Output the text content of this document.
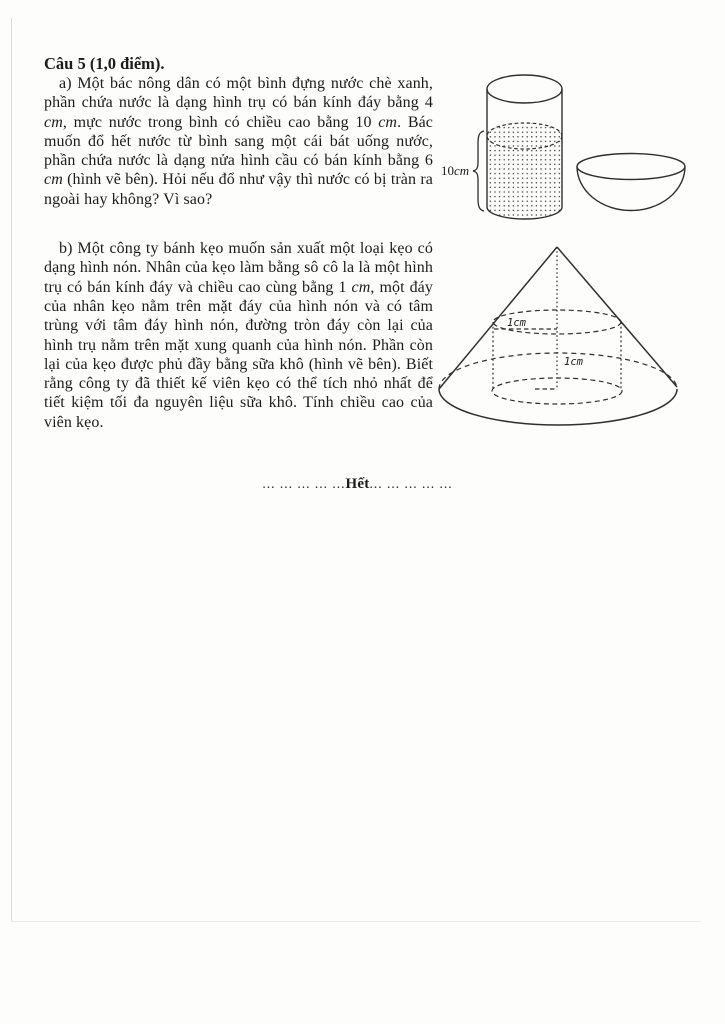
Câu 5 (1,0 điểm).

a) Một bác nông dân có một bình đựng nước chè xanh, phần chứa nước là dạng hình trụ có bán kính đáy bằng 4 cm, mực nước trong bình có chiều cao bằng 10 cm. Bác muốn đổ hết nước từ bình sang một cái bát uống nước, phần chứa nước là dạng nửa hình cầu có bán kính bằng 6 cm (hình vẽ bên). Hỏi nếu đổ như vậy thì nước có bị tràn ra ngoài hay không? Vì sao?

b) Một công ty bánh kẹo muốn sản xuất một loại kẹo có dạng hình nón. Nhân của kẹo làm bằng sô cô la là một hình trụ có bán kính đáy và chiều cao cùng bằng 1 cm, một đáy của nhân kẹo nằm trên mặt đáy của hình nón và có tâm trùng với tâm đáy hình nón, đường tròn đáy còn lại của hình trụ nằm trên mặt xung quanh của hình nón. Phần còn lại của kẹo được phủ đầy bằng sữa khô (hình vẽ bên). Biết rằng công ty đã thiết kế viên kẹo có thể tích nhỏ nhất để tiết kiệm tối đa nguyên liệu sữa khô. Tính chiều cao của viên kẹo.

10cm
1cm
1cm
... ... ... ... ...Hết... ... ... ... ...
